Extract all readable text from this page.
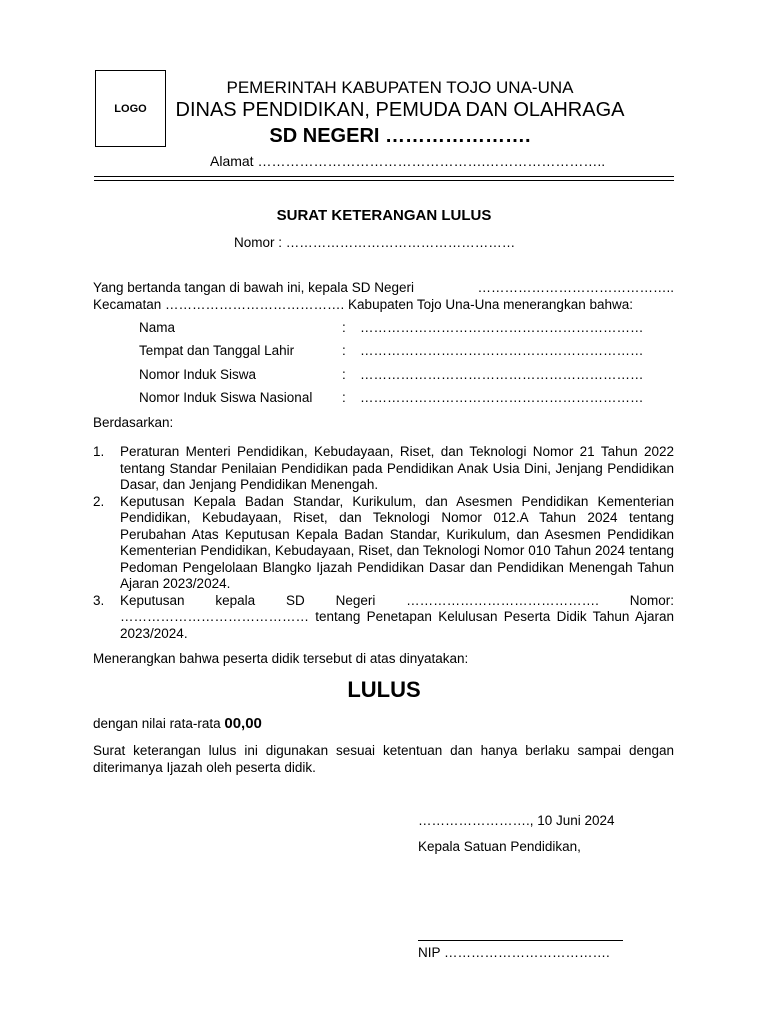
LOGO
PEMERINTAH KABUPATEN TOJO UNA-UNA
DINAS PENDIDIKAN, PEMUDA DAN OLAHRAGA
SD NEGERI ………………….
Alamat ………………………………………….……………………..
SURAT KETERANGAN LULUS
Nomor : ……………………………………………
Yang bertanda tangan di bawah ini, kepala SD Negeri	……………………………………..
Kecamatan …………………………………. Kabupaten Tojo Una-Una menerangkan bahwa:
Nama	: ………………………………………………………
Tempat dan Tanggal Lahir	: ………………………………………………………
Nomor Induk Siswa	: ………………………………………………………
Nomor Induk Siswa Nasional : ………………………………………………………
Berdasarkan:
1. Peraturan Menteri Pendidikan, Kebudayaan, Riset, dan Teknologi Nomor 21 Tahun 2022 tentang Standar Penilaian Pendidikan pada Pendidikan Anak Usia Dini, Jenjang Pendidikan Dasar, dan Jenjang Pendidikan Menengah.
2. Keputusan Kepala Badan Standar, Kurikulum, dan Asesmen Pendidikan Kementerian Pendidikan, Kebudayaan, Riset, dan Teknologi Nomor 012.A Tahun 2024 tentang Perubahan Atas Keputusan Kepala Badan Standar, Kurikulum, dan Asesmen Pendidikan Kementerian Pendidikan, Kebudayaan, Riset, dan Teknologi Nomor 010 Tahun 2024 tentang Pedoman Pengelolaan Blangko Ijazah Pendidikan Dasar dan Pendidikan Menengah Tahun Ajaran 2023/2024.
3. Keputusan kepala SD Negeri ……………………………………. Nomor: …………………………………… tentang Penetapan Kelulusan Peserta Didik Tahun Ajaran 2023/2024.
Menerangkan bahwa peserta didik tersebut di atas dinyatakan:
LULUS
dengan nilai rata-rata 00,00
Surat keterangan lulus ini digunakan sesuai ketentuan dan hanya berlaku sampai dengan diterimanya Ijazah oleh peserta didik.
……………………., 10 Juni 2024
Kepala Satuan Pendidikan,
NIP ……………………………….
